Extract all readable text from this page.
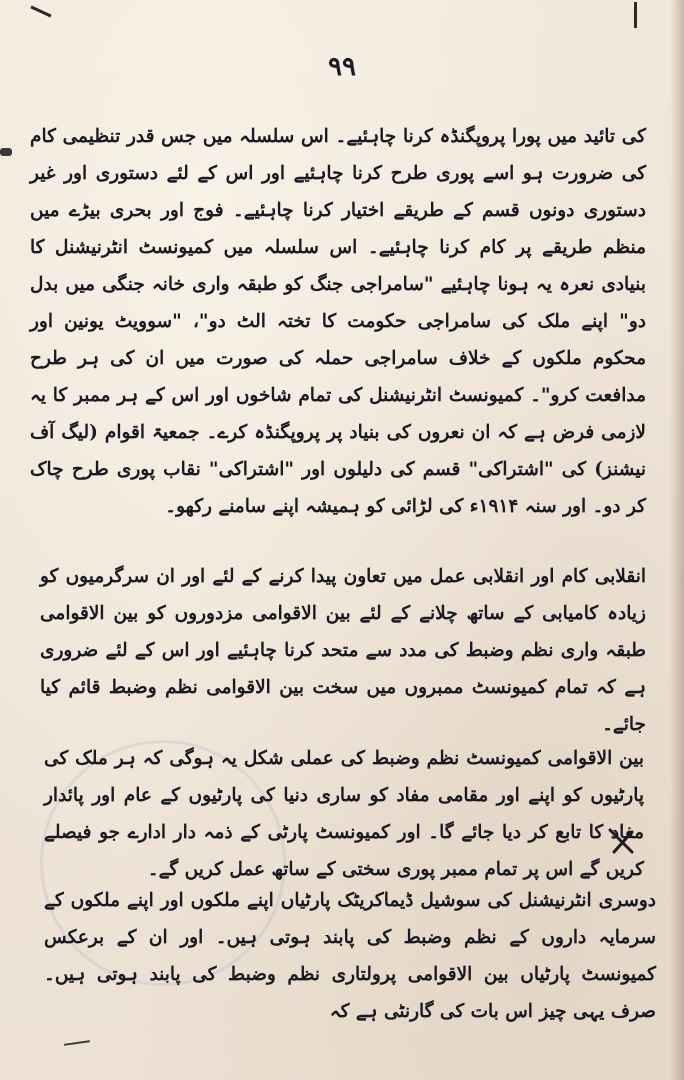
۹۹

کی تائید میں پورا پروپگنڈہ کرنا چاہئیے۔ اس سلسلہ میں جس قدر تنظیمی کام کی ضرورت ہو اسے پوری طرح کرنا چاہئیے اور اس کے لئے دستوری اور غیر دستوری دونوں قسم کے طریقے اختیار کرنا چاہئیے۔ فوج اور بحری بیڑے میں منظم طریقے پر کام کرنا چاہئیے۔ اس سلسلہ میں کمیونسٹ انٹرنیشنل کا بنیادی نعرہ یہ ہونا چاہئیے "سامراجی جنگ کو طبقہ واری خانہ جنگی میں بدل دو" اپنے ملک کی سامراجی حکومت کا تختہ الٹ دو"، "سوویٹ یونین اور محکوم ملکوں کے خلاف سامراجی حملہ کی صورت میں ان کی ہر طرح مدافعت کرو"۔ کمیونسٹ انٹرنیشنل کی تمام شاخوں اور اس کے ہر ممبر کا یہ لازمی فرض ہے کہ ان نعروں کی بنیاد پر پروپگنڈہ کرے۔ جمعیۃ اقوام (لیگ آف نیشنز) کی "اشتراکی" قسم کی دلیلوں اور "اشتراکی" نقاب پوری طرح چاک کر دو۔ اور سنہ ۱۹۱۴ء کی لڑائی کو ہمیشہ اپنے سامنے رکھو۔

انقلابی کام اور انقلابی عمل میں تعاون پیدا کرنے کے لئے اور ان سرگرمیوں کو زیادہ کامیابی کے ساتھ چلانے کے لئے بین الاقوامی مزدوروں کو بین الاقوامی طبقہ واری نظم وضبط کی مدد سے متحد کرنا چاہئیے اور اس کے لئے ضروری ہے کہ تمام کمیونسٹ ممبروں میں سخت بین الاقوامی نظم وضبط قائم کیا جائے۔

بین الاقوامی کمیونسٹ نظم وضبط کی عملی شکل یہ ہوگی کہ ہر ملک کی پارٹیوں کو اپنے اور مقامی مفاد کو ساری دنیا کی پارٹیوں کے عام اور پائدار مفاد کا تابع کر دیا جائے گا۔ اور کمیونسٹ پارٹی کے ذمہ دار ادارے جو فیصلے کریں گے اس پر تمام ممبر پوری سختی کے ساتھ عمل کریں گے۔

دوسری انٹرنیشنل کی سوشیل ڈیماکریٹک پارٹیاں اپنے ملکوں اور اپنے ملکوں کے سرمایہ داروں کے نظم وضبط کی پابند ہوتی ہیں۔ اور ان کے برعکس کمیونسٹ پارٹیاں بین الاقوامی پرولتاری نظم وضبط کی پابند ہوتی ہیں۔ صرف یہی چیز اس بات کی گارنٹی ہے کہ
